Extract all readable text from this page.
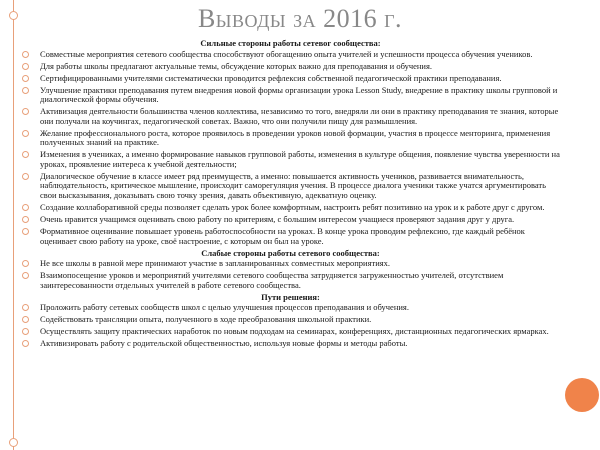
Выводы за 2016 г.
Сильные стороны работы сетевог сообщества:
Совместные мероприятия сетевого сообщества способствуют обогащению опыта учителей и успешности процесса обучения учеников.
Для работы школы предлагают актуальные темы, обсуждение которых важно для преподавания и обучения.
Сертифицированными учителями систематически проводится рефлексия собственной педагогической практики преподавания.
Улучшение практики преподавания путем внедрения новой формы организации урока Lesson Study, внедрение в практику школы групповой и диалогической формы обучения.
Активизация деятельности большинства членов коллектива, независимо то того, внедряли ли они в практику преподавания те знания, которые они получали на коучингах, педагогической советах. Важно, что они получили пищу для размышления.
Желание профессионального роста, которое проявилось в проведении уроков новой формации, участия в процессе менторинга, применения полученных знаний на практике.
Изменения в учениках, а именно формирование навыков групповой работы, изменения в культуре общения, появление чувства уверенности на уроках, проявление интереса к учебной деятельности;
Диалогическое обучение в классе имеет ряд преимуществ, а именно: повышается активность учеников, развивается внимательность, наблюдательность, критическое мышление, происходит саморегуляция учения. В процессе диалога ученики также учатся аргументировать свои высказывания, доказывать свою точку зрения, давать объективную, адекватную оценку.
Создание коллаборативной среды позволяет сделать урок более комфортным, настроить ребят позитивно на урок и к работе друг с другом.
Очень нравится учащимся оценивать свою работу по критериям, с большим интересом учащиеся проверяют задания друг у друга.
Формативное оценивание повышает уровень работоспособности на уроках. В конце урока проводим рефлексию, где каждый ребёнок оценивает свою работу на уроке, своё настроение, с которым он был на уроке.
Слабые стороны работы сетевого сообщества:
Не все школы в равной мере принимают участие в запланированных совместных мероприятиях.
Взаимопосещение уроков и мероприятий учителями сетевого сообщества затрудняется загруженностью учителей, отсутствием заинтересованности отдельных учителей в работе сетевого сообщества.
Пути решения:
Проложить работу сетевых сообществ школ с целью улучшения процессов преподавания и обучения.
Содействовать трансляции опыта, полученного в ходе преобразования школьной практики.
Осуществлять защиту практических наработок по новым подходам на семинарах, конференциях, дистанционных педагогических ярмарках.
Активизировать работу с родительской общественностью, используя новые формы и методы работы.
